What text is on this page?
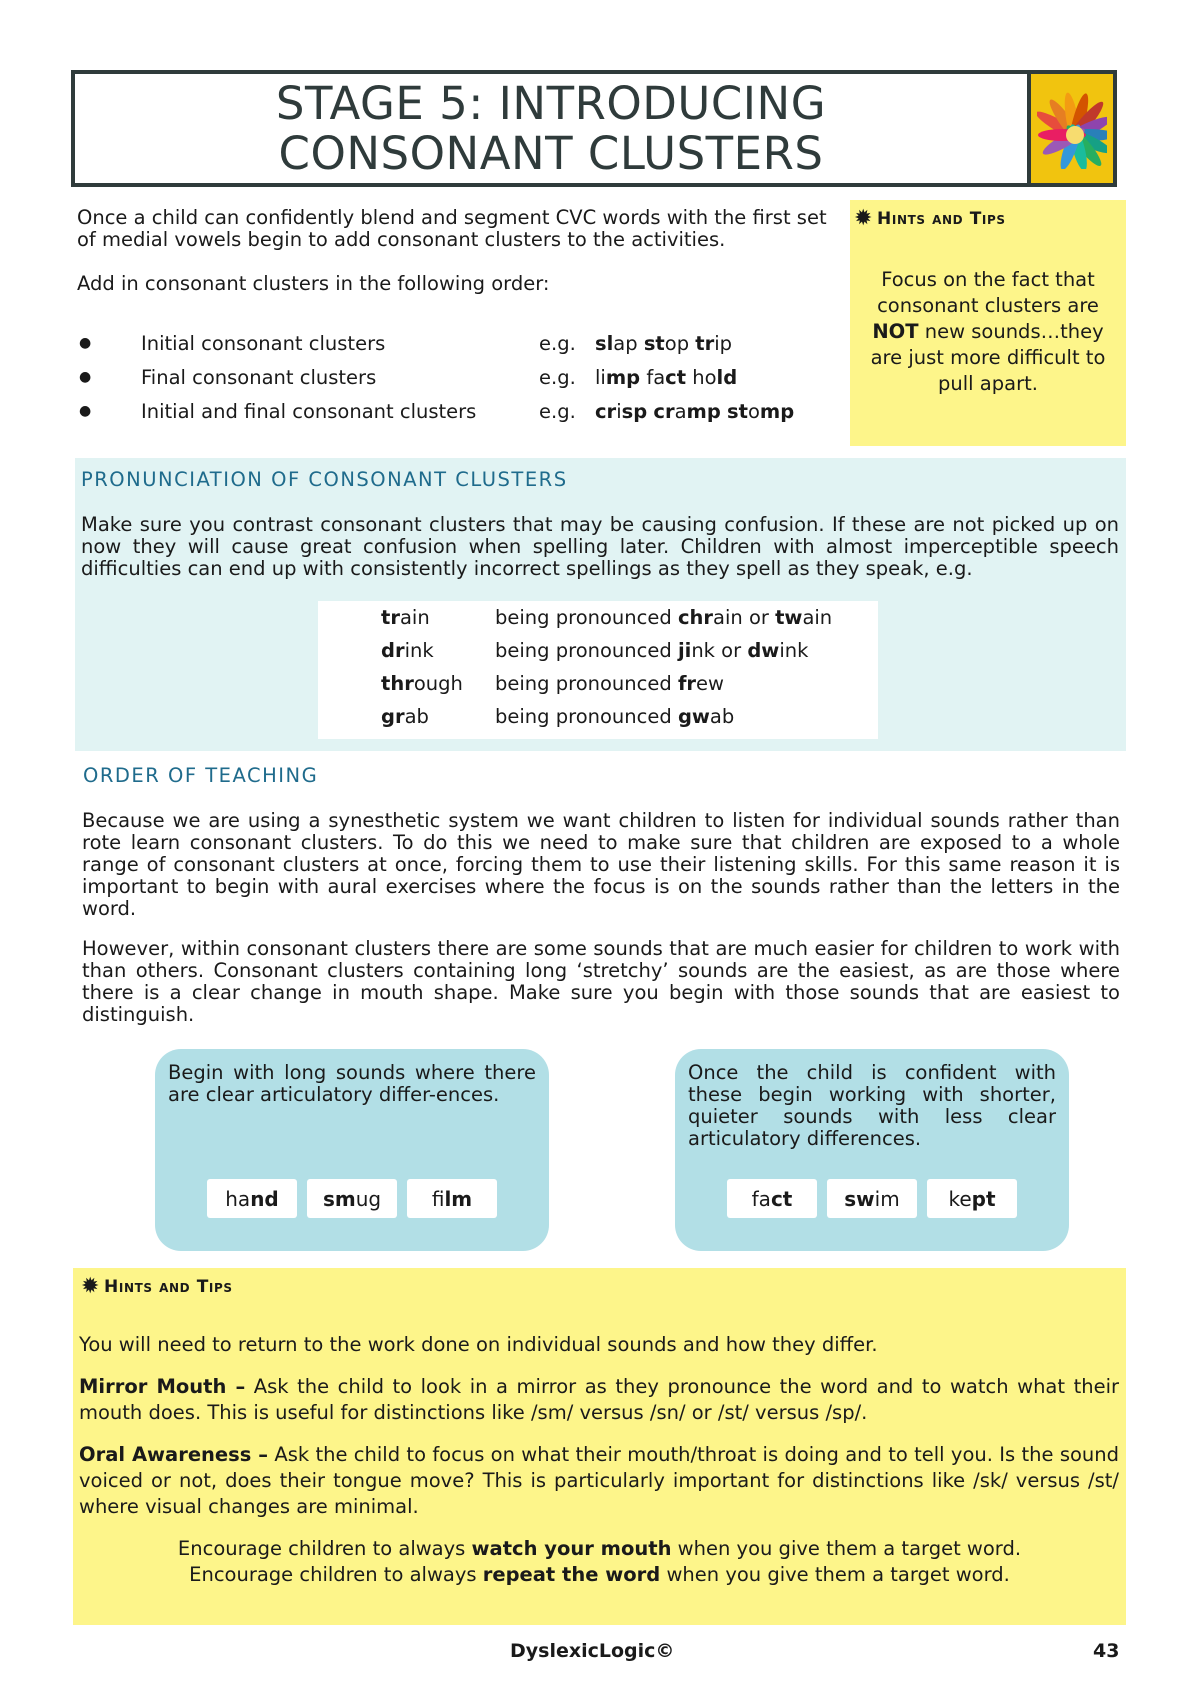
STAGE 5: INTRODUCING
CONSONANT CLUSTERS
Once a child can confidently blend and segment CVC words with the first set of medial vowels begin to add consonant clusters to the activities.
Add in consonant clusters in the following order:
●	Initial consonant clusters	e.g. slap stop trip
●	Final consonant clusters	e.g. limp fact hold
●	Initial and final consonant clusters	e.g. crisp cramp stomp
✹ Hints and Tips
Focus on the fact that consonant clusters are NOT new sounds…they are just more difficult to pull apart.
PRONUNCIATION OF CONSONANT CLUSTERS
Make sure you contrast consonant clusters that may be causing confusion. If these are not picked up on now they will cause great confusion when spelling later. Children with almost imperceptible speech difficulties can end up with consistently incorrect spellings as they spell as they speak, e.g.
train	being pronounced chrain or twain
drink	being pronounced jink or dwink
through	being pronounced frew
grab	being pronounced gwab
ORDER OF TEACHING
Because we are using a synesthetic system we want children to listen for individual sounds rather than rote learn consonant clusters. To do this we need to make sure that children are exposed to a whole range of consonant clusters at once, forcing them to use their listening skills. For this same reason it is important to begin with aural exercises where the focus is on the sounds rather than the letters in the word.
However, within consonant clusters there are some sounds that are much easier for children to work with than others. Consonant clusters containing long ‘stretchy’ sounds are the easiest, as are those where there is a clear change in mouth shape. Make sure you begin with those sounds that are easiest to distinguish.
Begin with long sounds where there are clear articulatory differ-ences.
ha nd sm ug	fi lm
Once the child is confident with these begin working with shorter, quieter sounds with less clear articulatory differences.
fa ct	sw im ke pt
✹ Hints and Tips
You will need to return to the work done on individual sounds and how they differ.
Mirror Mouth – Ask the child to look in a mirror as they pronounce the word and to watch what their mouth does. This is useful for distinctions like /sm/ versus /sn/ or /st/ versus /sp/.
Oral Awareness – Ask the child to focus on what their mouth/throat is doing and to tell you. Is the sound voiced or not, does their tongue move? This is particularly important for distinctions like /sk/ versus /st/ where visual changes are minimal.
Encourage children to always watch your mouth when you give them a target word.
Encourage children to always repeat the word when you give them a target word.
DyslexicLogic©	43
